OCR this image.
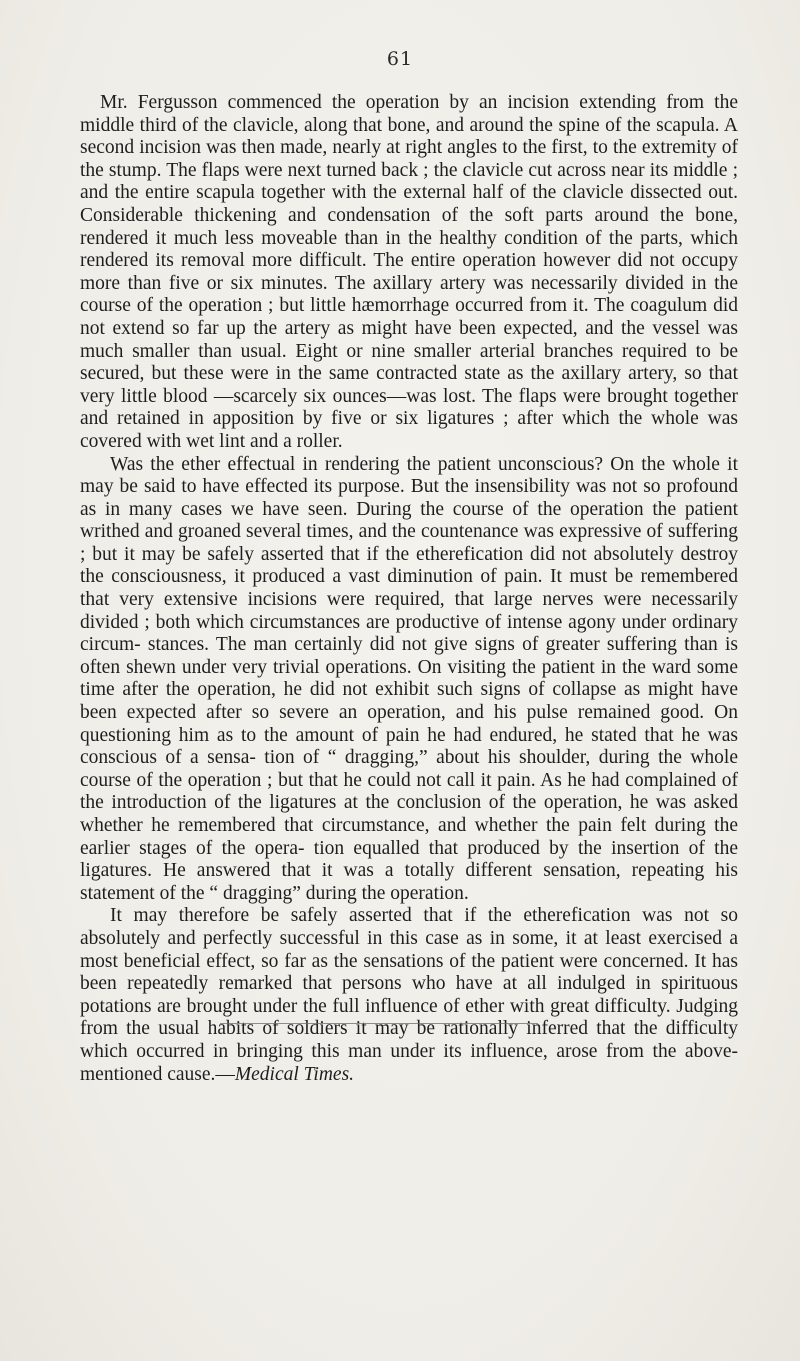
61

Mr. Fergusson commenced the operation by an incision extending from the middle third of the clavicle, along that bone, and around the spine of the scapula. A second incision was then made, nearly at right angles to the first, to the extremity of the stump. The flaps were next turned back ; the clavicle cut across near its middle ; and the entire scapula together with the external half of the clavicle dissected out. Considerable thickening and condensation of the soft parts around the bone, rendered it much less moveable than in the healthy condition of the parts, which rendered its removal more difficult. The entire operation however did not occupy more than five or six minutes. The axillary artery was necessarily divided in the course of the operation ; but little hæmorrhage occurred from it. The coagulum did not extend so far up the artery as might have been expected, and the vessel was much smaller than usual. Eight or nine smaller arterial branches required to be secured, but these were in the same contracted state as the axillary artery, so that very little blood —scarcely six ounces—was lost. The flaps were brought together and retained in apposition by five or six ligatures ; after which the whole was covered with wet lint and a roller.

Was the ether effectual in rendering the patient unconscious? On the whole it may be said to have effected its purpose. But the insensibility was not so profound as in many cases we have seen. During the course of the operation the patient writhed and groaned several times, and the countenance was expressive of suffering ; but it may be safely asserted that if the etherefication did not absolutely destroy the consciousness, it produced a vast diminution of pain. It must be remembered that very extensive incisions were required, that large nerves were necessarily divided ; both which circumstances are productive of intense agony under ordinary circum- stances. The man certainly did not give signs of greater suffering than is often shewn under very trivial operations. On visiting the patient in the ward some time after the operation, he did not exhibit such signs of collapse as might have been expected after so severe an operation, and his pulse remained good. On questioning him as to the amount of pain he had endured, he stated that he was conscious of a sensa- tion of “ dragging,” about his shoulder, during the whole course of the operation ; but that he could not call it pain. As he had complained of the introduction of the ligatures at the conclusion of the operation, he was asked whether he remembered that circumstance, and whether the pain felt during the earlier stages of the opera- tion equalled that produced by the insertion of the ligatures. He answered that it was a totally different sensation, repeating his statement of the “ dragging” during the operation.

It may therefore be safely asserted that if the etherefication was not so absolutely and perfectly successful in this case as in some, it at least exercised a most beneficial effect, so far as the sensations of the patient were concerned. It has been repeatedly remarked that persons who have at all indulged in spirituous potations are brought under the full influence of ether with great difficulty. Judging from the usual habits of soldiers it may be rationally inferred that the difficulty which occurred in bringing this man under its influence, arose from the above-mentioned cause.—Medical Times.
